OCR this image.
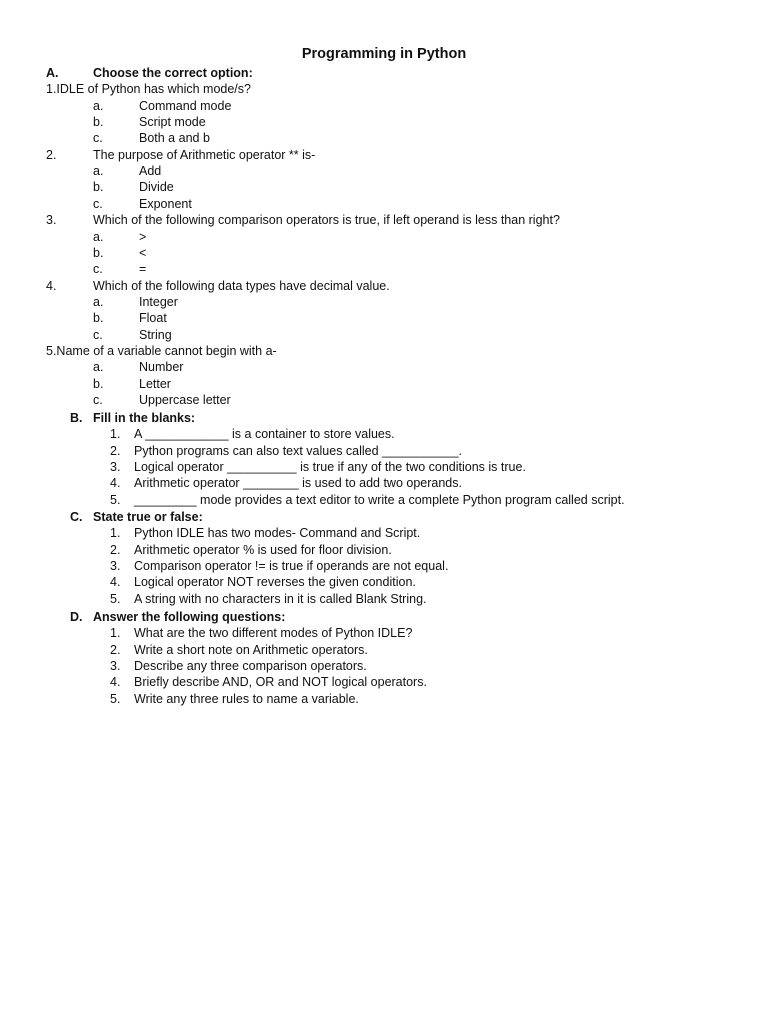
Programming in Python
A.	Choose the correct option:
1.IDLE of Python has which mode/s?
a.	Command mode
b.	Script mode
c.	Both a and b
2.	The purpose of Arithmetic operator ** is-
a.	Add
b.	Divide
c.	Exponent
3.	Which of the following comparison operators is true, if left operand is less than right?
a.	>
b.	<
c.	=
4.	Which of the following data types have decimal value.
a.	Integer
b.	Float
c.	String
5.Name of a variable cannot begin with a-
a.	Number
b.	Letter
c.	Uppercase letter
B. Fill in the blanks:
1. A ____________ is a container to store values.
2. Python programs can also text values called ___________.
3. Logical operator __________ is true if any of the two conditions is true.
4. Arithmetic operator ________ is used to add two operands.
5. _________ mode provides a text editor to write a complete Python program called script.
C. State true or false:
1. Python IDLE has two modes- Command and Script.
2. Arithmetic operator % is used for floor division.
3. Comparison operator != is true if operands are not equal.
4. Logical operator NOT reverses the given condition.
5. A string with no characters in it is called Blank String.
D. Answer the following questions:
1. What are the two different modes of Python IDLE?
2. Write a short note on Arithmetic operators.
3. Describe any three comparison operators.
4. Briefly describe AND, OR and NOT logical operators.
5. Write any three rules to name a variable.
